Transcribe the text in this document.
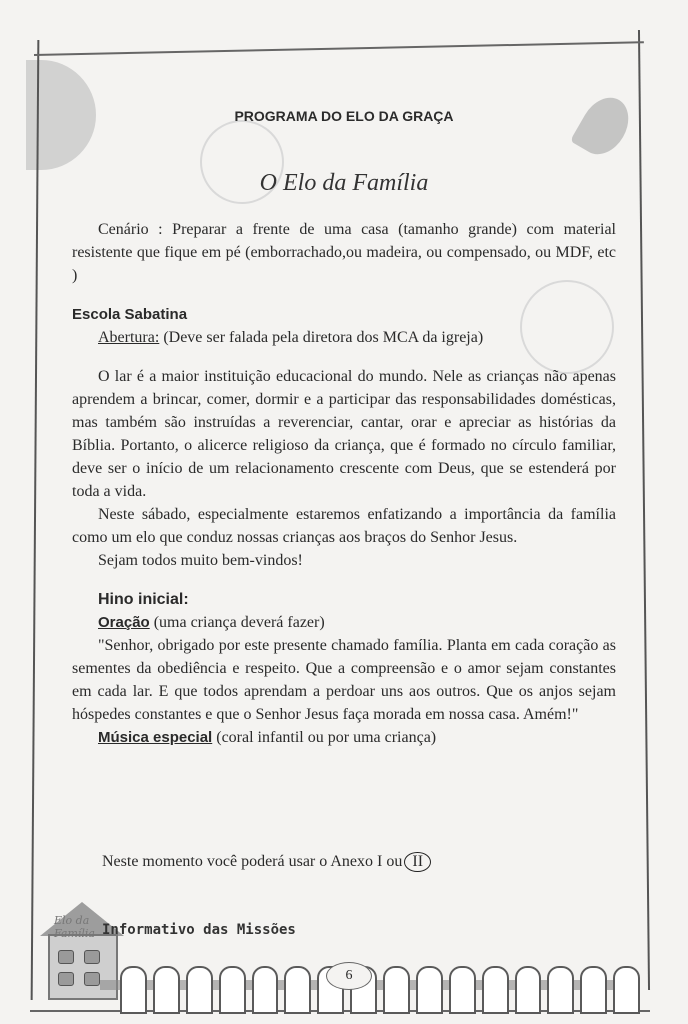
PROGRAMA DO ELO DA GRAÇA
O Elo da Família

Cenário : Preparar a frente de uma casa (tamanho grande) com material resistente que fique em pé (emborrachado,ou madeira, ou compensado, ou MDF, etc )

Escola Sabatina

Abertura: (Deve ser falada pela diretora dos MCA da igreja)

O lar é a maior instituição educacional do mundo. Nele as crianças não apenas aprendem a brincar, comer, dormir e a participar das responsabilidades domésticas, mas também são instruídas a reverenciar, cantar, orar e apreciar as histórias da Bíblia. Portanto, o alicerce religioso da criança, que é formado no círculo familiar, deve ser o início de um relacionamento crescente com Deus, que se estenderá por toda a vida.

Neste sábado, especialmente estaremos enfatizando a importância da família como um elo que conduz nossas crianças aos braços do Senhor Jesus.

Sejam todos muito bem-vindos!

Hino inicial:

Oração (uma criança deverá fazer)

"Senhor, obrigado por este presente chamado família. Planta em cada coração as sementes da obediência e respeito. Que a compreensão e o amor sejam constantes em cada lar. E que todos aprendam a perdoar uns aos outros. Que os anjos sejam hóspedes constantes e que o Senhor Jesus faça morada em nossa casa. Amém!"

Música especial (coral infantil ou por uma criança)

Neste momento você poderá usar o Anexo I ou II
Elo da Família Informativo das Missões
6
